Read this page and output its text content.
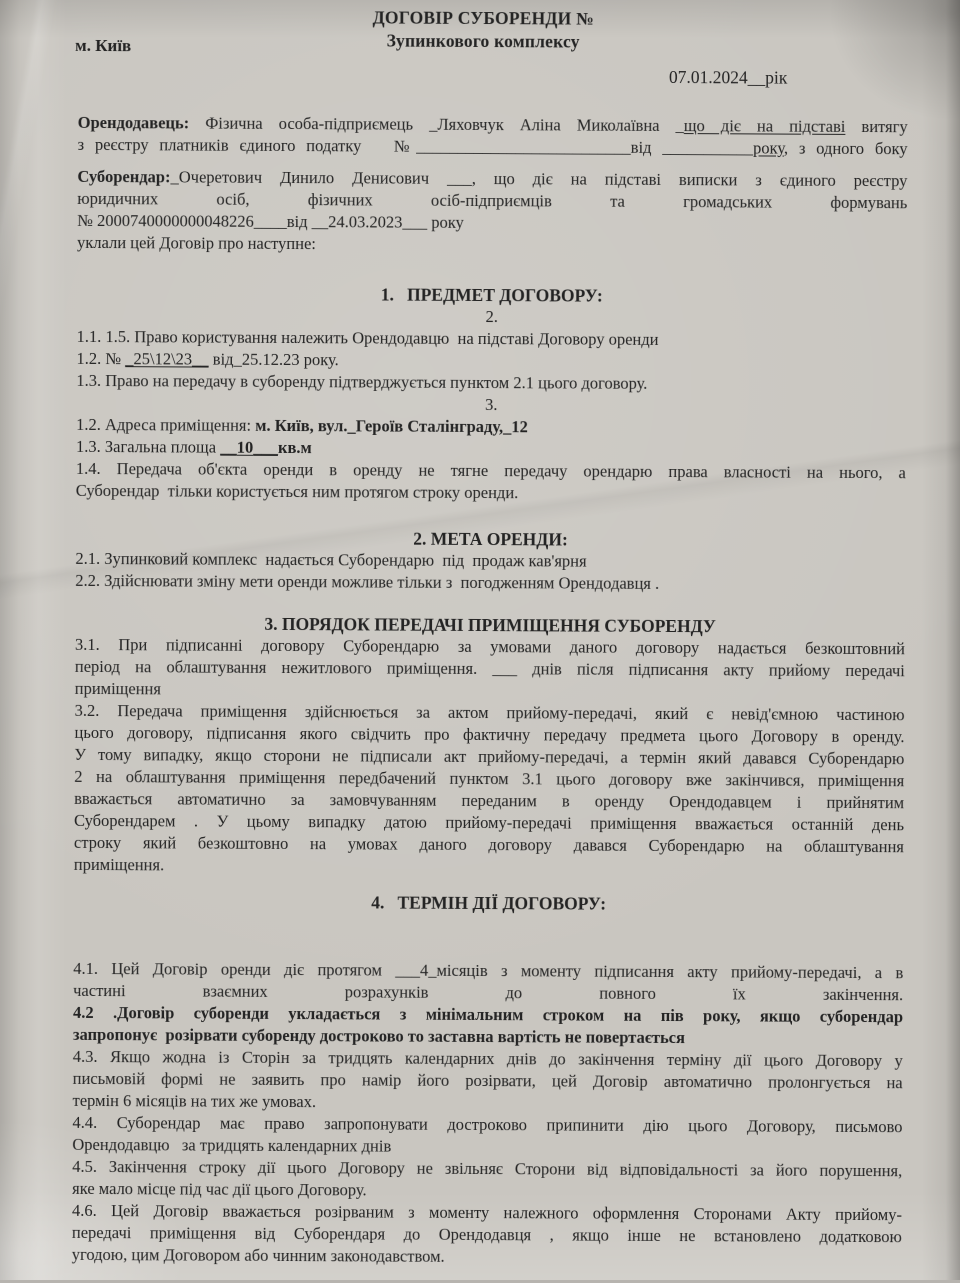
ДОГОВІР СУБОРЕНДИ №
Зупинкового комплексу
м. Київ
07.01.2024__рік
Орендодавець: Фізична особа-підприємець _Ляховчук Аліна Миколаївна _що діє на підставі витягу
з реєстру платників єдиного податку   №__________________________від ___________року, з одного боку
Суборендар:_Очеретович Динило Денисович ___, що діє на підставі виписки з єдиного реєстру
юридичних осіб, фізичних осіб-підприємців та громадських формувань
№ 2000740000000048226____від __24.03.2023___ року
уклали цей Договір про наступне:
1.   ПРЕДМЕТ ДОГОВОРУ:
2.
1.1. 1.5. Право користування належить Орендодавцю  на підставі Договору оренди
1.2. № _25\12\23__ від_25.12.23 року.
1.3. Право на передачу в суборенду підтверджується пунктом 2.1 цього договору.
3.
1.2. Адреса приміщення: м. Київ, вул._Героїв Сталінграду,_12
1.3. Загальна площа __10___кв.м
1.4. Передача об'єкта оренди в оренду не тягне передачу орендарю права власності на нього, а
Суборендар  тільки користується ним протягом строку оренди.
2. МЕТА ОРЕНДИ:
2.1. Зупинковий комплекс  надається Суборендарю  під  продаж кав'ярня
2.2. Здійснювати зміну мети оренди можливе тільки з  погодженням Орендодавця .
3. ПОРЯДОК ПЕРЕДАЧІ ПРИМІЩЕННЯ СУБОРЕНДУ
3.1. При підписанні договору Суборендарю за умовами даного договору надається безкоштовний
період на облаштування нежитлового приміщення. ___ днів після підписання акту прийому передачі
приміщення
3.2. Передача приміщення здійснюється за актом прийому-передачі, який є невід'ємною частиною
цього договору, підписання якого свідчить про фактичну передачу предмета цього Договору в оренду.
У тому випадку, якщо сторони не підписали акт прийому-передачі, а термін який давався Суборендарю
2 на облаштування приміщення передбачений пунктом 3.1 цього договору вже закінчився, приміщення
вважається автоматично за замовчуванням переданим в оренду Орендодавцем і прийнятим
Суборендарем . У цьому випадку датою прийому-передачі приміщення вважається останній день
строку який безкоштовно на умовах даного договору давався Суборендарю на облаштування
приміщення.
4.   ТЕРМІН ДІЇ ДОГОВОРУ:
4.1. Цей Договір оренди діє протягом ___4_місяців з моменту підписання акту прийому-передачі, а в
частині взаємних розрахунків до повного їх закінчення.
4.2 .Договір суборенди укладається з мінімальним строком на пів року, якщо суборендар
запропонує  розірвати суборенду достроково то заставна вартість не повертається
4.3. Якщо жодна із Сторін за тридцять календарних днів до закінчення терміну дії цього Договору у
письмовій формі не заявить про намір його розірвати, цей Договір автоматично пролонгується на
термін 6 місяців на тих же умовах.
4.4. Суборендар має право запропонувати достроково припинити дію цього Договору, письмово
Орендодавцю   за тридцять календарних днів
4.5. Закінчення строку дії цього Договору не звільняє Сторони від відповідальності за його порушення,
яке мало місце під час дії цього Договору.
4.6. Цей Договір вважається розірваним з моменту належного оформлення Сторонами Акту прийому-
передачі приміщення від Суборендаря до Орендодавця , якщо інше не встановлено додатковою
угодою, цим Договором або чинним законодавством.
